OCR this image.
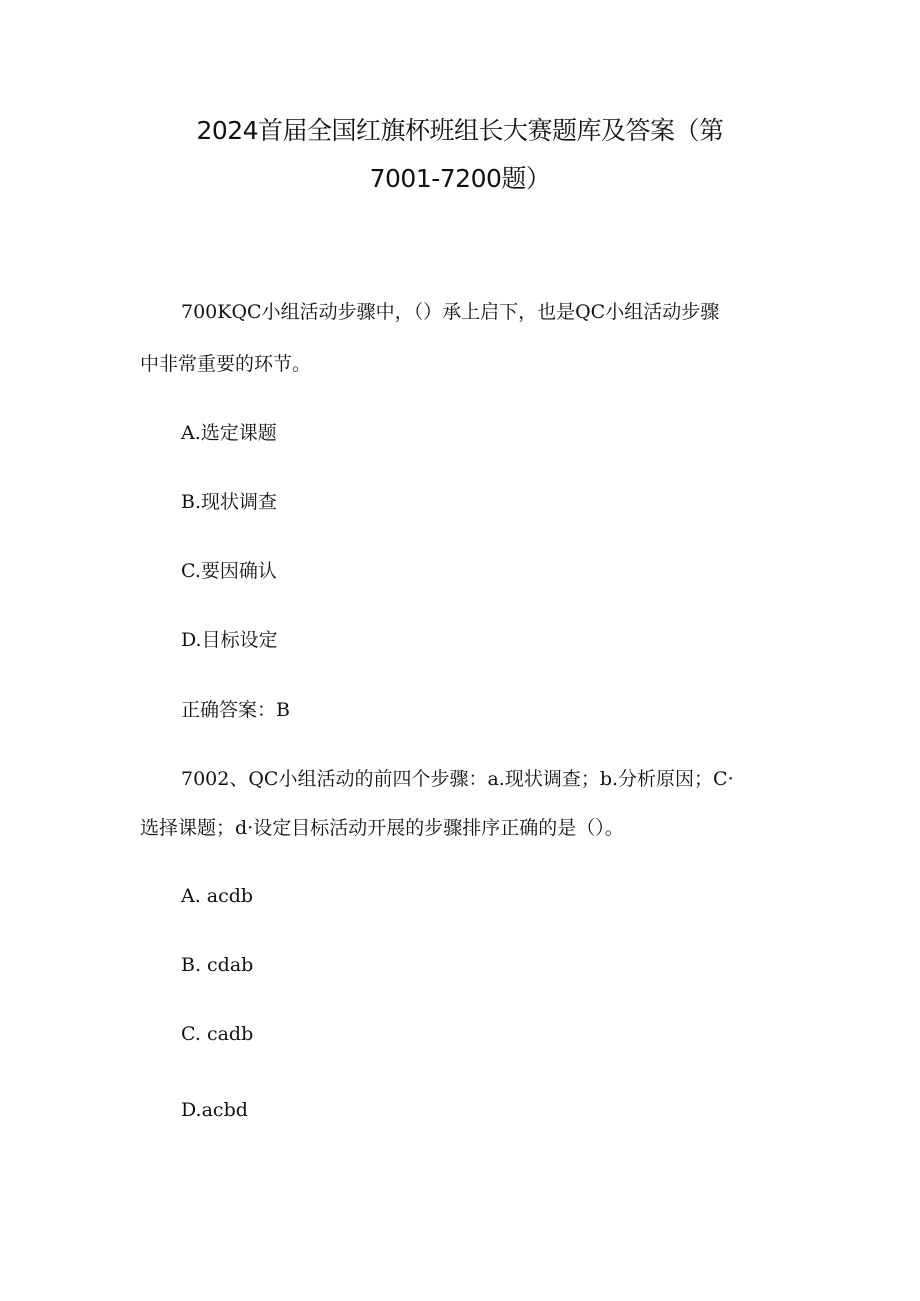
2024首届全国红旗杯班组长大赛题库及答案（第
7001-7200题）
700KQC小组活动步骤中，（）承上启下，也是QC小组活动步骤
中非常重要的环节。
A.选定课题
B.现状调查
C.要因确认
D.目标设定
正确答案：B
7002、QC小组活动的前四个步骤：a.现状调查；b.分析原因；C·
选择课题；d·设定目标活动开展的步骤排序正确的是（）。
A. acdb
B. cdab
C. cadb
D.acbd
